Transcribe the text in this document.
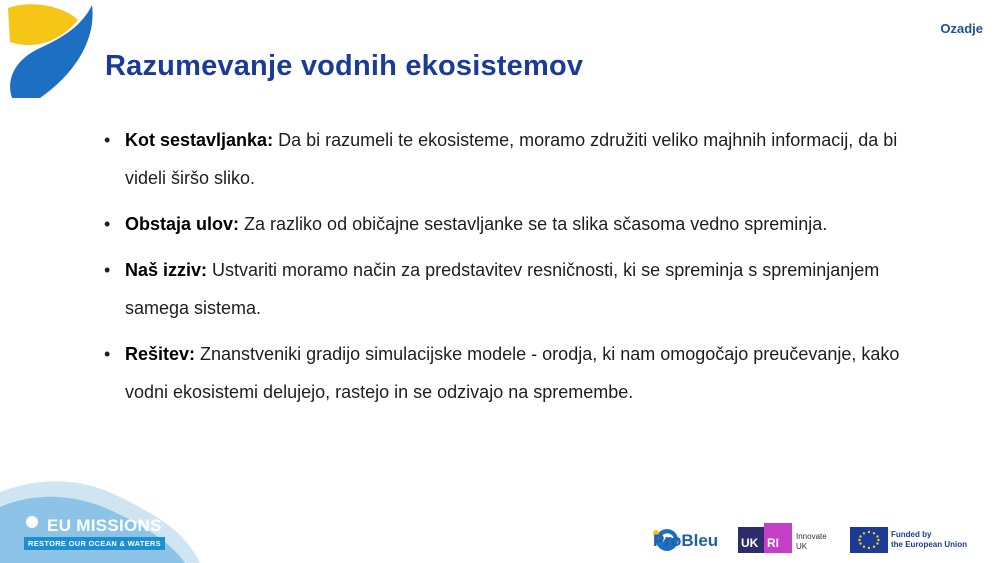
Ozadje
Razumevanje vodnih ekosistemov
• Kot sestavljanka: Da bi razumeli te ekosisteme, moramo združiti veliko majhnih informacij, da bi videli širšo sliko.
• Obstaja ulov: Za razliko od običajne sestavljanke se ta slika sčasoma vedno spreminja.
• Naš izziv: Ustvariti moramo način za predstavitev resničnosti, ki se spreminja s spreminjanjem samega sistema.
• Rešitev: Znanstveniki gradijo simulacijske modele - orodja, ki nam omogočajo preučevanje, kako vodni ekosistemi delujejo, rastejo in se odzivajo na spremembe.
EU MISSIONS
RESTORE OUR OCEAN & WATERS	ProBleu UK RI Innovate
UK
Funded by
the European Union
